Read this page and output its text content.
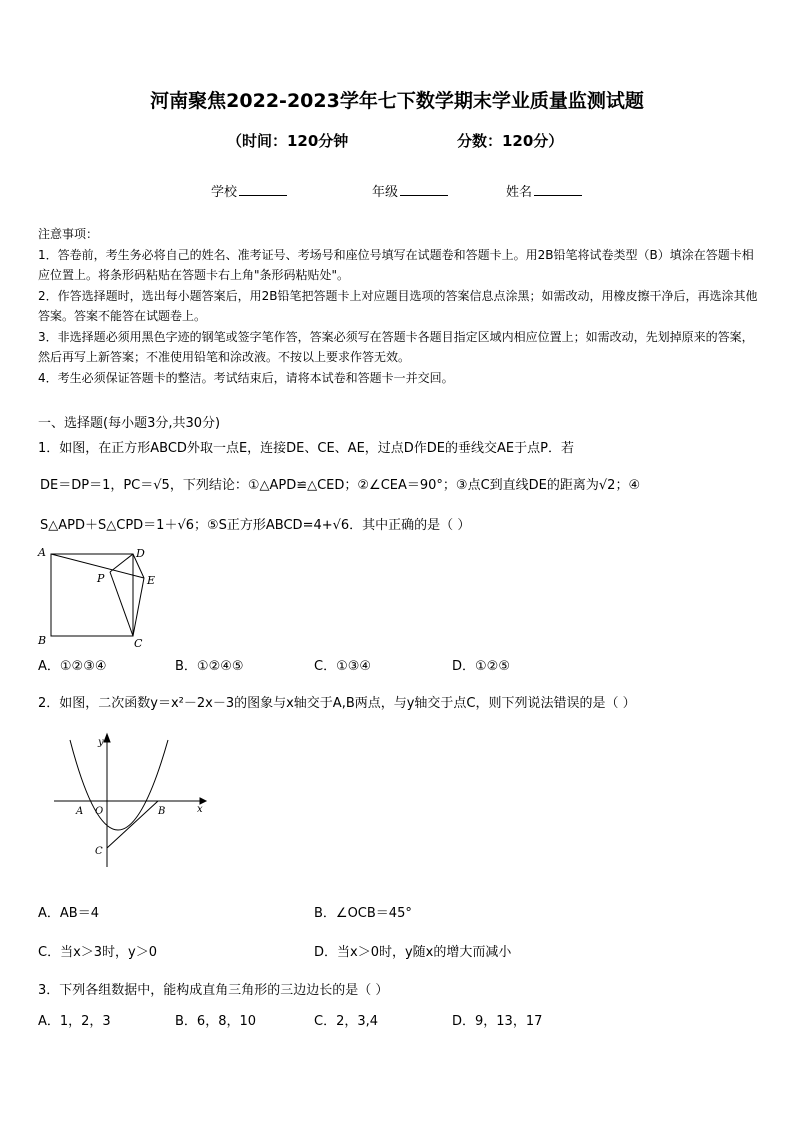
河南聚焦2022-2023学年七下数学期末学业质量监测试题
（时间：120分钟	分数：120分）
学校	年级	姓名

注意事项：

1．答卷前，考生务必将自己的姓名、准考证号、考场号和座位号填写在试题卷和答题卡上。用2B铅笔将试卷类型（B）填涂在答题卡相应位置上。将条形码粘贴在答题卡右上角"条形码粘贴处"。

2．作答选择题时，选出每小题答案后，用2B铅笔把答题卡上对应题目选项的答案信息点涂黑；如需改动，用橡皮擦干净后，再选涂其他答案。答案不能答在试题卷上。

3．非选择题必须用黑色字迹的钢笔或签字笔作答，答案必须写在答题卡各题目指定区域内相应位置上；如需改动，先划掉原来的答案，然后再写上新答案；不准使用铅笔和涂改液。不按以上要求作答无效。

4．考生必须保证答题卡的整洁。考试结束后，请将本试卷和答题卡一并交回。

一、选择题(每小题3分,共30分)
1．如图，在正方形ABCD外取一点E，连接DE、CE、AE，过点D作DE的垂线交AE于点P．若
DE＝DP＝1，PC＝√5，下列结论：①△APD≌△CED；②∠CEA＝90°；③点C到直线DE的距离为√2；④
S△APD＋S△CPD＝1＋√6；⑤S正方形ABCD=4+√6．其中正确的是（ ）
A	D
P	E
B	C
A．①②③④	B．①②④⑤	C．①③④	D．①②⑤
2．如图，二次函数y＝x²－2x－3的图象与x轴交于A,B两点，与y轴交于点C，则下列说法错误的是（ ）
y
A O	B	x
C
A．AB＝4	B．∠OCB＝45°
C．当x＞3时，y＞0	D．当x＞0时，y随x的增大而减小
3．下列各组数据中，能构成直角三角形的三边边长的是（ ）
A．1，2，3	B．6，8，10	C．2，3,4	D．9，13，17
